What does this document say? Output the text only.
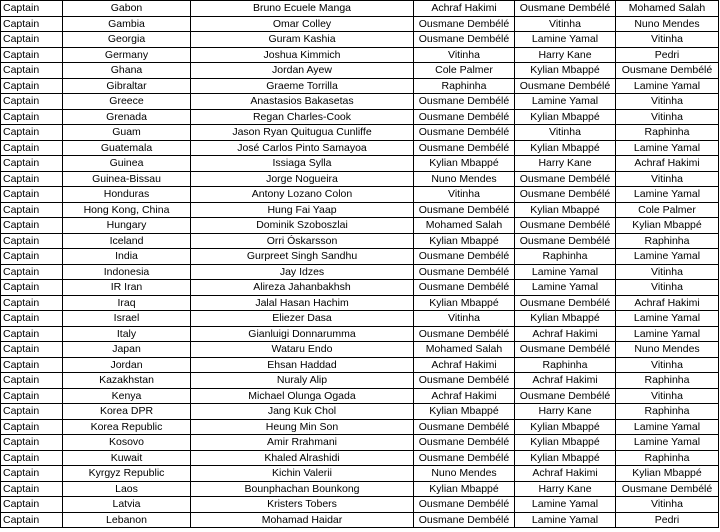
Captain	Gabon	Bruno Ecuele Manga	Achraf Hakimi	Ousmane Dembélé	Mohamed Salah
Captain	Gambia	Omar Colley	Ousmane Dembélé	Vitinha	Nuno Mendes
Captain	Georgia	Guram Kashia	Ousmane Dembélé	Lamine Yamal	Vitinha
Captain	Germany	Joshua Kimmich	Vitinha	Harry Kane	Pedri
Captain	Ghana	Jordan Ayew	Cole Palmer	Kylian Mbappé	Ousmane Dembélé
Captain	Gibraltar	Graeme Torrilla	Raphinha	Ousmane Dembélé	Lamine Yamal
Captain	Greece	Anastasios Bakasetas	Ousmane Dembélé	Lamine Yamal	Vitinha
Captain	Grenada	Regan Charles-Cook	Ousmane Dembélé	Kylian Mbappé	Vitinha
Captain	Guam	Jason Ryan Quitugua Cunliffe	Ousmane Dembélé	Vitinha	Raphinha
Captain	Guatemala	José Carlos Pinto Samayoa	Ousmane Dembélé	Kylian Mbappé	Lamine Yamal
Captain	Guinea	Issiaga Sylla	Kylian Mbappé	Harry Kane	Achraf Hakimi
Captain	Guinea-Bissau	Jorge Nogueira	Nuno Mendes	Ousmane Dembélé	Vitinha
Captain	Honduras	Antony Lozano Colon	Vitinha	Ousmane Dembélé	Lamine Yamal
Captain	Hong Kong, China	Hung Fai Yaap	Ousmane Dembélé	Kylian Mbappé	Cole Palmer
Captain	Hungary	Dominik Szoboszlai	Mohamed Salah	Ousmane Dembélé	Kylian Mbappé
Captain	Iceland	Orri Óskarsson	Kylian Mbappé	Ousmane Dembélé	Raphinha
Captain	India	Gurpreet Singh Sandhu	Ousmane Dembélé	Raphinha	Lamine Yamal
Captain	Indonesia	Jay Idzes	Ousmane Dembélé	Lamine Yamal	Vitinha
Captain	IR Iran	Alireza Jahanbakhsh	Ousmane Dembélé	Lamine Yamal	Vitinha
Captain	Iraq	Jalal Hasan Hachim	Kylian Mbappé	Ousmane Dembélé	Achraf Hakimi
Captain	Israel	Eliezer Dasa	Vitinha	Kylian Mbappé	Lamine Yamal
Captain	Italy	Gianluigi Donnarumma	Ousmane Dembélé	Achraf Hakimi	Lamine Yamal
Captain	Japan	Wataru Endo	Mohamed Salah	Ousmane Dembélé	Nuno Mendes
Captain	Jordan	Ehsan Haddad	Achraf Hakimi	Raphinha	Vitinha
Captain	Kazakhstan	Nuraly Alip	Ousmane Dembélé	Achraf Hakimi	Raphinha
Captain	Kenya	Michael Olunga Ogada	Achraf Hakimi	Ousmane Dembélé	Vitinha
Captain	Korea DPR	Jang Kuk Chol	Kylian Mbappé	Harry Kane	Raphinha
Captain	Korea Republic	Heung Min Son	Ousmane Dembélé	Kylian Mbappé	Lamine Yamal
Captain	Kosovo	Amir Rrahmani	Ousmane Dembélé	Kylian Mbappé	Lamine Yamal
Captain	Kuwait	Khaled Alrashidi	Ousmane Dembélé	Kylian Mbappé	Raphinha
Captain	Kyrgyz Republic	Kichin Valerii	Nuno Mendes	Achraf Hakimi	Kylian Mbappé
Captain	Laos	Bounphachan Bounkong	Kylian Mbappé	Harry Kane	Ousmane Dembélé
Captain	Latvia	Kristers Tobers	Ousmane Dembélé	Lamine Yamal	Vitinha
Captain	Lebanon	Mohamad Haidar	Ousmane Dembélé	Lamine Yamal	Pedri
